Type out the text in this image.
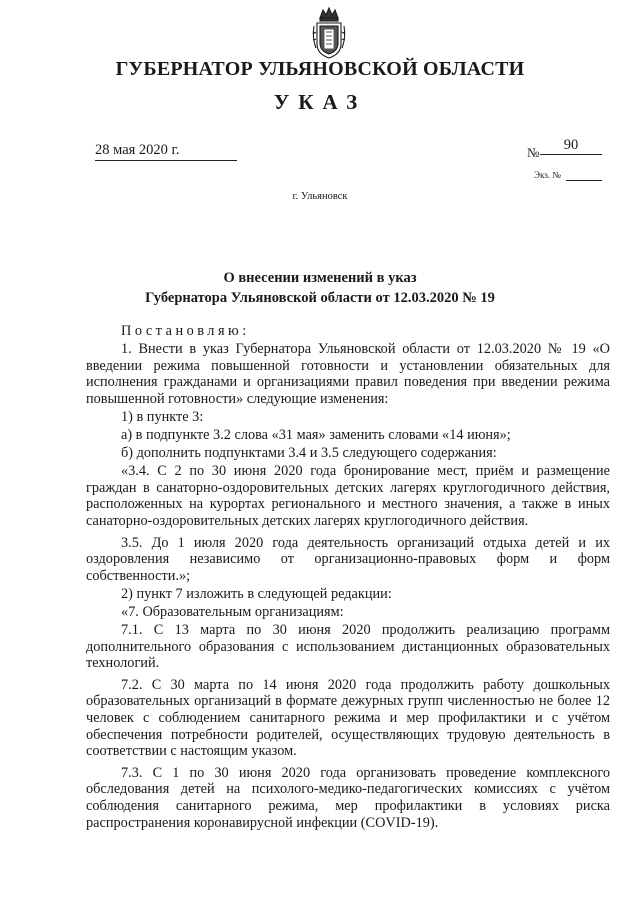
ГУБЕРНАТОР УЛЬЯНОВСКОЙ ОБЛАСТИ
УКАЗ
28 мая 2020 г.	№	90
Экз. №
г. Ульяновск
О внесении изменений в указ
Губернатора Ульяновской области от 12.03.2020 № 19

Постановляю:

1. Внести в указ Губернатора Ульяновской области от 12.03.2020 № 19 «О введении режима повышенной готовности и установлении обязательных для исполнения гражданами и организациями правил поведения при введении режима повышенной готовности» следующие изменения:

1) в пункте 3:

а) в подпункте 3.2 слова «31 мая» заменить словами «14 июня»;

б) дополнить подпунктами 3.4 и 3.5 следующего содержания:

«3.4. С 2 по 30 июня 2020 года бронирование мест, приём и размещение граждан в санаторно-оздоровительных детских лагерях круглогодичного действия, расположенных на курортах регионального и местного значения, а также в иных санаторно-оздоровительных детских лагерях круглогодичного действия.

3.5. До 1 июля 2020 года деятельность организаций отдыха детей и их оздоровления независимо от организационно-правовых форм и форм собственности.»;

2) пункт 7 изложить в следующей редакции:

«7. Образовательным организациям:

7.1. С 13 марта по 30 июня 2020 продолжить реализацию программ дополнительного образования с использованием дистанционных образовательных технологий.

7.2. С 30 марта по 14 июня 2020 года продолжить работу дошкольных образовательных организаций в формате дежурных групп численностью не более 12 человек с соблюдением санитарного режима и мер профилактики и с учётом обеспечения потребности родителей, осуществляющих трудовую деятельность в соответствии с настоящим указом.

7.3. С 1 по 30 июня 2020 года организовать проведение комплексного обследования детей на психолого-медико-педагогических комиссиях с учётом соблюдения санитарного режима, мер профилактики в условиях риска распространения коронавирусной инфекции (COVID-19).
